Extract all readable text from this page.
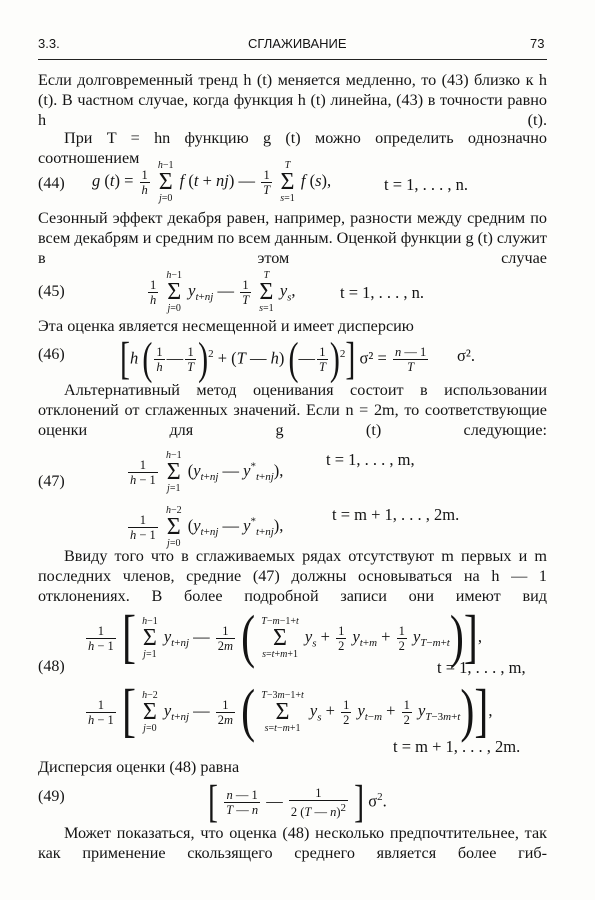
3.3.	СГЛАЖИВАНИЕ	73

Если долговременный тренд h (t) меняется медленно, то (43) близко к h (t). В частном случае, когда функция h (t) линейна, (43) в точности равно h (t).

При T = hn функцию g (t) можно определить однозначно соотношением

(44) g $(t) = \frac{1}{h}$

h−1
Σ
j=0
f (t + nj) — $\frac{1}{T}$

T
Σ
s=1
f (s),	t = 1, . . . , n.

Сезонный эффект декабря равен, например, разности между средним по всем декабрям и средним по всем данным. Оценкой функции g (t) служит в этом случае

(45)	$\frac{1}{h}$

h−1
Σ
j=0
$y_{t+nj}$ — $\frac{1}{T}$

T
Σ
s=1
$y_s$,	t = 1, . . . , n.

Эта оценка является несмещенной и имеет дисперсию

(46) [h ( $\frac{1}{h}$ — $\frac{1}{T} )^2 + (T$ — h) (— $\frac{1}{T} )^2$] $\sigma^2 = \frac{n — 1}{T} \sigma^2$.

Альтернативный метод оценивания состоит в использовании отклонений от сглаженных значений. Если n = 2m, то соответствующие оценки для g (t) следующие:

(47)	$\frac{1}{h - 1}$

h−1
Σ
j=1
($y_{t+nj}$ — $y^*_{t+nj}$),
t = 1, . . . , m,
$\frac{1}{h - 1}$

h−2
Σ
j=0
($y_{t+nj}$ — $y^*_{t+nj}$),
t = m + 1, . . . , 2m.

Ввиду того что в сглаживаемых рядах отсутствуют m первых и m последних членов, средние (47) должны основываться на h — 1 отклонениях. В более подробной записи они имеют вид

(48)
$\frac{1}{h - 1}$ [ h−1
Σ
j=1
$y_{t+nj}$ — $\frac{1}{2m}$ ( T−m−1+t
Σ
s=t+m+1
$y_s + \frac{1}{2} y_{t+m} + \frac{1}{2} y_{T-m+t}$)],
t = 1, . . . , m,
$\frac{1}{h - 1}$ [ h−2
Σ
j=0
$y_{t+nj}$ — $\frac{1}{2m}$ ( T−3m−1+t
Σ
s=t−m+1
$y_s + \frac{1}{2} y_{t-m} + \frac{1}{2} y_{T-3m+t}$)],
t = m + 1, . . . , 2m.

Дисперсия оценки (48) равна

(49)	[ $\frac{n — 1}{T — n}$ — $\frac{1}{2 (T — n)^2}$ ] $\sigma^2$.

Может показаться, что оценка (48) несколько предпочтительнее, так как применение скользящего среднего является более гиб-
